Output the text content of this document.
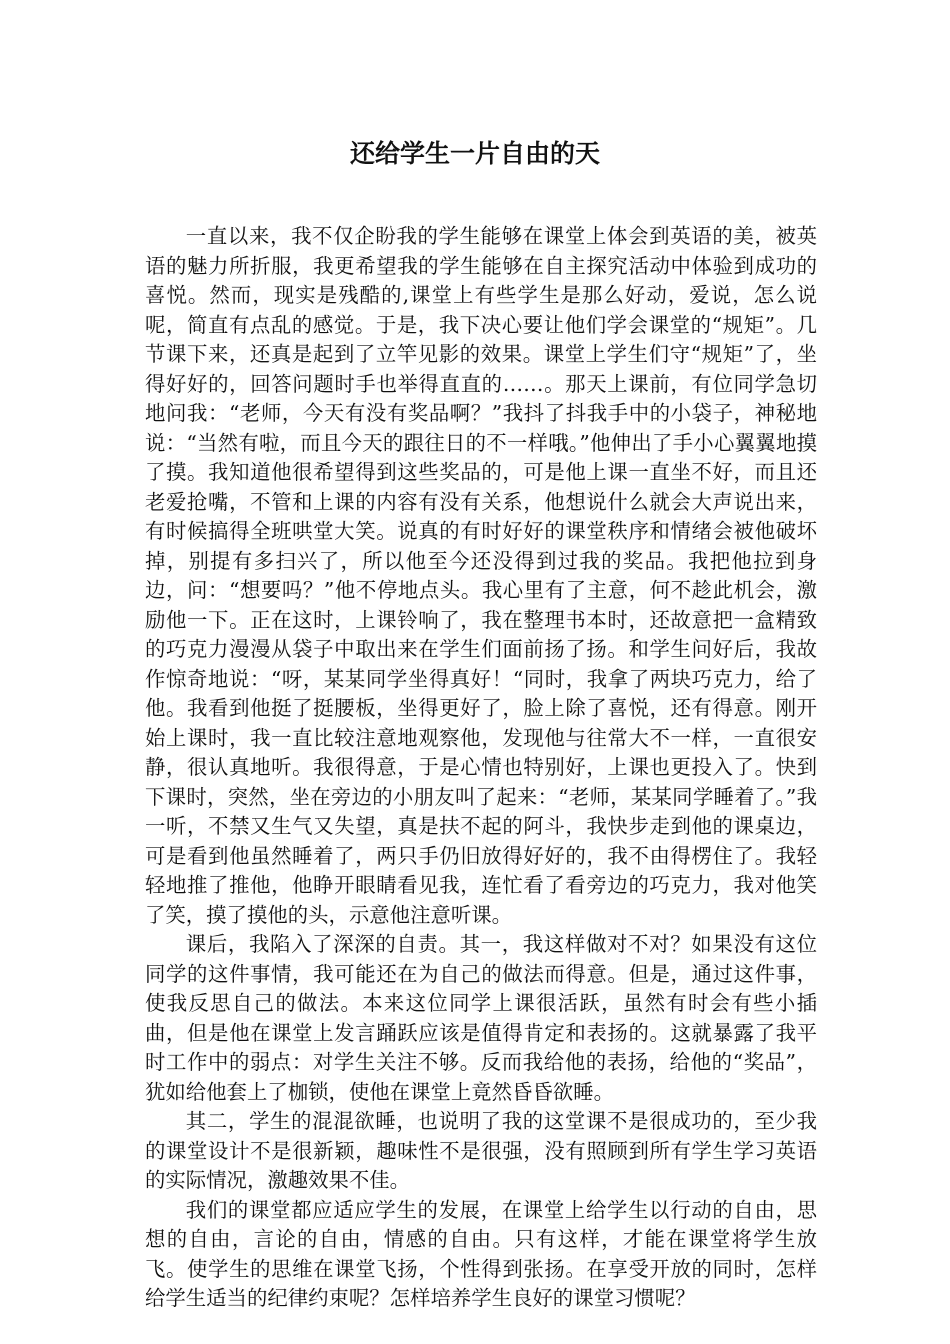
还给学生一片自由的天

一直以来，我不仅企盼我的学生能够在课堂上体会到英语的美，被英语的魅力所折服，我更希望我的学生能够在自主探究活动中体验到成功的喜悦。然而，现实是残酷的,课堂上有些学生是那么好动，爱说，怎么说呢，简直有点乱的感觉。于是，我下决心要让他们学会课堂的“规矩”。几节课下来，还真是起到了立竿见影的效果。课堂上学生们守“规矩”了，坐得好好的，回答问题时手也举得直直的……。那天上课前，有位同学急切地问我：“老师，今天有没有奖品啊？”我抖了抖我手中的小袋子，神秘地说：“当然有啦，而且今天的跟往日的不一样哦。”他伸出了手小心翼翼地摸了摸。我知道他很希望得到这些奖品的，可是他上课一直坐不好，而且还老爱抢嘴，不管和上课的内容有没有关系，他想说什么就会大声说出来，有时候搞得全班哄堂大笑。说真的有时好好的课堂秩序和情绪会被他破坏掉，别提有多扫兴了，所以他至今还没得到过我的奖品。我把他拉到身边，问：“想要吗？”他不停地点头。我心里有了主意，何不趁此机会，激励他一下。正在这时，上课铃响了，我在整理书本时，还故意把一盒精致的巧克力漫漫从袋子中取出来在学生们面前扬了扬。和学生问好后，我故作惊奇地说：“呀，某某同学坐得真好！“同时，我拿了两块巧克力，给了他。我看到他挺了挺腰板，坐得更好了，脸上除了喜悦，还有得意。刚开始上课时，我一直比较注意地观察他，发现他与往常大不一样，一直很安静，很认真地听。我很得意，于是心情也特别好，上课也更投入了。快到下课时，突然，坐在旁边的小朋友叫了起来：“老师，某某同学睡着了。”我一听，不禁又生气又失望，真是扶不起的阿斗，我快步走到他的课桌边，可是看到他虽然睡着了，两只手仍旧放得好好的，我不由得楞住了。我轻轻地推了推他，他睁开眼睛看见我，连忙看了看旁边的巧克力，我对他笑了笑，摸了摸他的头，示意他注意听课。

课后，我陷入了深深的自责。其一，我这样做对不对？如果没有这位同学的这件事情，我可能还在为自己的做法而得意。但是，通过这件事，使我反思自己的做法。本来这位同学上课很活跃，虽然有时会有些小插曲，但是他在课堂上发言踊跃应该是值得肯定和表扬的。这就暴露了我平时工作中的弱点：对学生关注不够。反而我给他的表扬，给他的“奖品”，犹如给他套上了枷锁，使他在课堂上竟然昏昏欲睡。

其二，学生的混混欲睡，也说明了我的这堂课不是很成功的，至少我的课堂设计不是很新颖，趣味性不是很强，没有照顾到所有学生学习英语的实际情况，激趣效果不佳。

我们的课堂都应适应学生的发展，在课堂上给学生以行动的自由，思想的自由，言论的自由，情感的自由。只有这样，才能在课堂将学生放飞。使学生的思维在课堂飞扬，个性得到张扬。在享受开放的同时，怎样给学生适当的纪律约束呢？怎样培养学生良好的课堂习惯呢？
